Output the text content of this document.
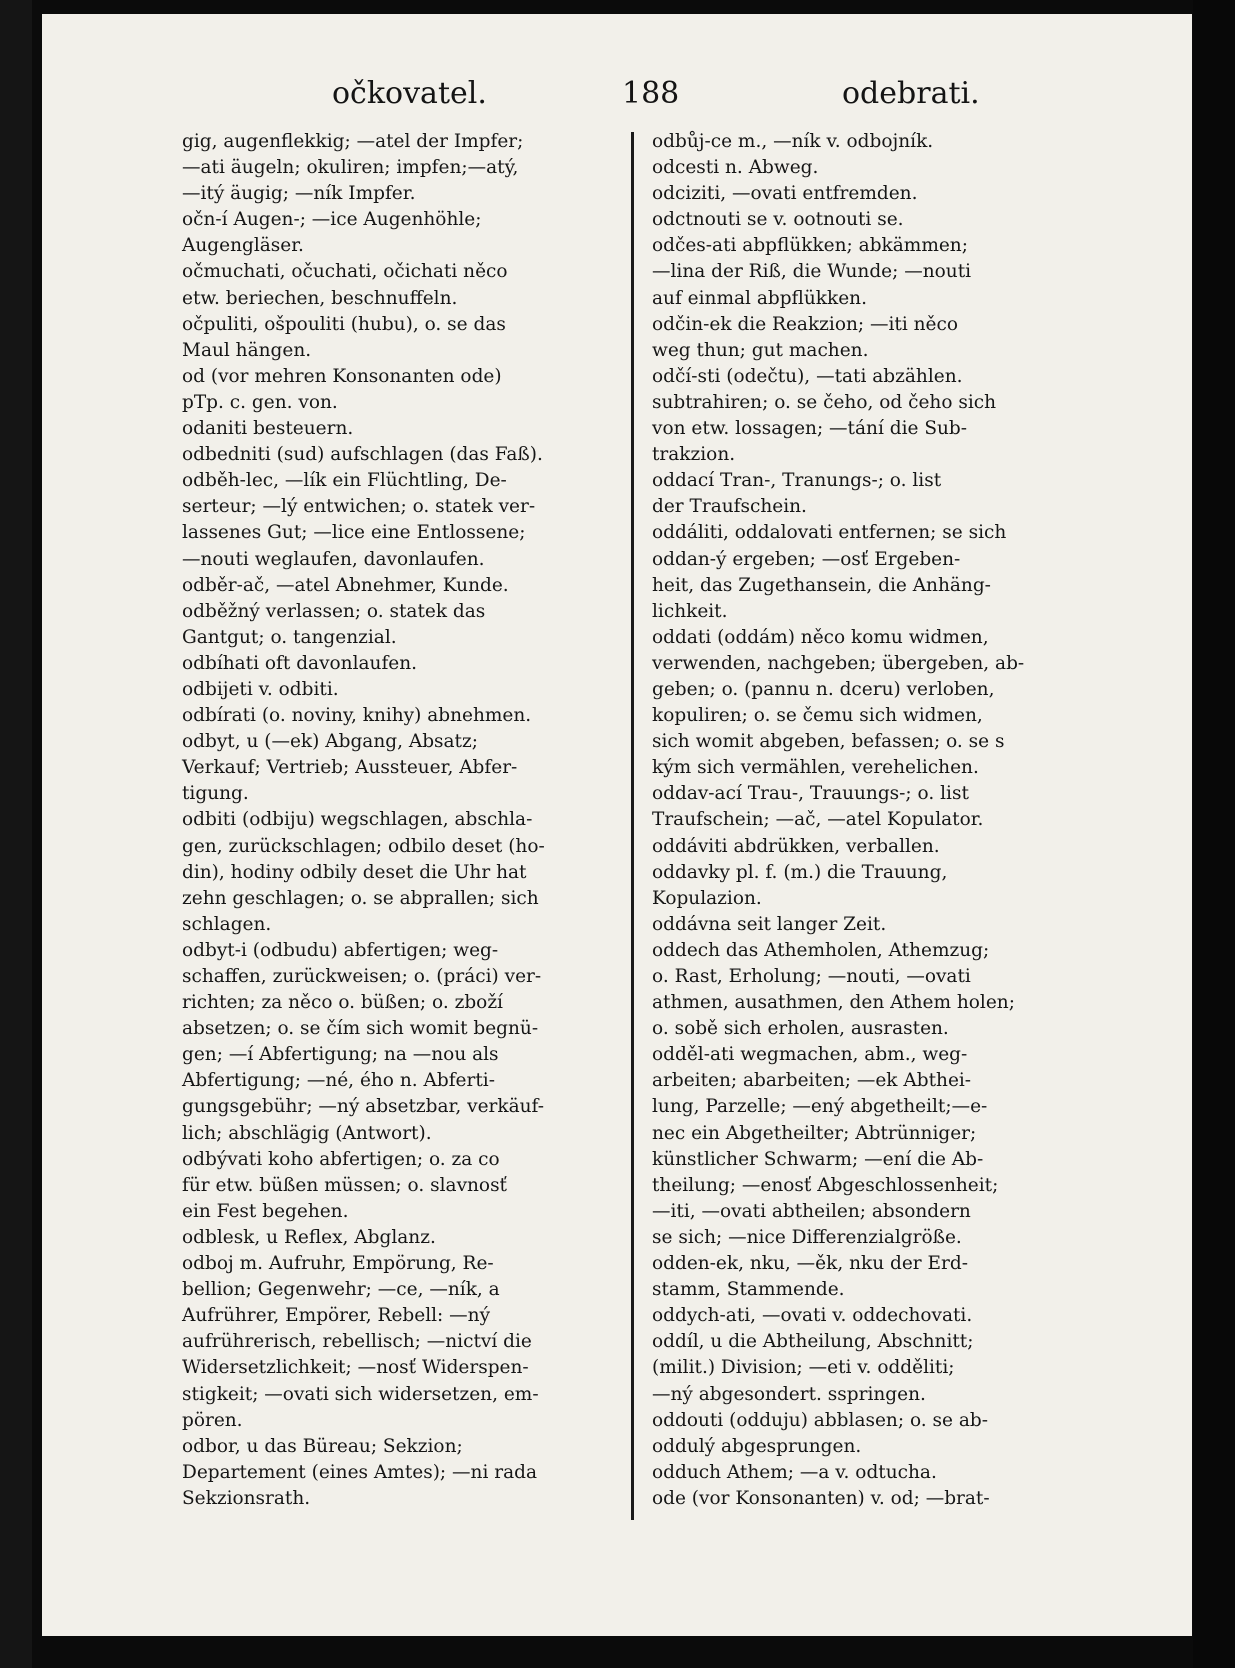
očkovatel.	188	odebrati.
gig, augenflekkig; —atel der Impfer;
—ati äugeln; okuliren; impfen;—atý,
—itý äugig; —ník Impfer.
očn-í Augen-; —ice Augenhöhle;
Augengläser.
očmuchati, očuchati, očichati něco
etw. beriechen, beschnuffeln.
očpuliti, ošpouliti (hubu), o. se das
Maul hängen.
od (vor mehren Konsonanten ode)
pTp. c. gen. von.
odaniti besteuern.
odbedniti (sud) aufschlagen (das Faß).
odběh-lec, —lík ein Flüchtling, De-
serteur; —lý entwichen; o. statek ver-
lassenes Gut; —lice eine Entlossene;
—nouti weglaufen, davonlaufen.
odběr-ač, —atel Abnehmer, Kunde.
odběžný verlassen; o. statek das
Gantgut; o. tangenzial.
odbíhati oft davonlaufen.
odbijeti v. odbiti.
odbírati (o. noviny, knihy) abnehmen.
odbyt, u (—ek) Abgang, Absatz;
Verkauf; Vertrieb; Aussteuer, Abfer-
tigung.
odbiti (odbiju) wegschlagen, abschla-
gen, zurückschlagen; odbilo deset (ho-
din), hodiny odbily deset die Uhr hat
zehn geschlagen; o. se abprallen; sich
schlagen.
odbyt-i (odbudu) abfertigen; weg-
schaffen, zurückweisen; o. (práci) ver-
richten; za něco o. büßen; o. zboží
absetzen; o. se čím sich womit begnü-
gen; —í Abfertigung; na —nou als
Abfertigung; —né, ého n. Abferti-
gungsgebühr; —ný absetzbar, verkäuf-
lich; abschlägig (Antwort).
odbývati koho abfertigen; o. za co
für etw. büßen müssen; o. slavnosť
ein Fest begehen.
odblesk, u Reflex, Abglanz.
odboj m. Aufruhr, Empörung, Re-
bellion; Gegenwehr; —ce, —ník, a
Aufrührer, Empörer, Rebell: —ný
aufrührerisch, rebellisch; —nictví die
Widersetzlichkeit; —nosť Widerspen-
stigkeit; —ovati sich widersetzen, em-
pören.
odbor, u das Büreau; Sekzion;
Departement (eines Amtes); —ni rada
Sekzionsrath.
odbůj-ce m., —ník v. odbojník.
odcesti n. Abweg.
odciziti, —ovati entfremden.
odctnouti se v. ootnouti se.
odčes-ati abpflükken; abkämmen;
—lina der Riß, die Wunde; —nouti
auf einmal abpflükken.
odčin-ek die Reakzion; —iti něco
weg thun; gut machen.
odčí-sti (odečtu), —tati abzählen.
subtrahiren; o. se čeho, od čeho sich
von etw. lossagen; —tání die Sub-
trakzion.
oddací Tran-, Tranungs-; o. list
der Traufschein.
oddáliti, oddalovati entfernen; se sich
oddan-ý ergeben; —osť Ergeben-
heit, das Zugethansein, die Anhäng-
lichkeit.
oddati (oddám) něco komu widmen,
verwenden, nachgeben; übergeben, ab-
geben; o. (pannu n. dceru) verloben,
kopuliren; o. se čemu sich widmen,
sich womit abgeben, befassen; o. se s
kým sich vermählen, verehelichen.
oddav-ací Trau-, Trauungs-; o. list
Traufschein; —ač, —atel Kopulator.
oddáviti abdrükken, verballen.
oddavky pl. f. (m.) die Trauung,
Kopulazion.
oddávna seit langer Zeit.
oddech das Athemholen, Athemzug;
o. Rast, Erholung; —nouti, —ovati
athmen, ausathmen, den Athem holen;
o. sobě sich erholen, ausrasten.
odděl-ati wegmachen, abm., weg-
arbeiten; abarbeiten; —ek Abthei-
lung, Parzelle; —ený abgetheilt;—e-
nec ein Abgetheilter; Abtrünniger;
künstlicher Schwarm; —ení die Ab-
theilung; —enosť Abgeschlossenheit;
—iti, —ovati abtheilen; absondern
se sich; —nice Differenzialgröße.
odden-ek, nku, —ěk, nku der Erd-
stamm, Stammende.
oddych-ati, —ovati v. oddechovati.
oddíl, u die Abtheilung, Abschnitt;
(milit.) Division; —eti v. odděliti;
—ný abgesondert. sspringen.
oddouti (odduju) abblasen; o. se ab-
oddulý abgesprungen.
odduch Athem; —a v. odtucha.
ode (vor Konsonanten) v. od; —brat-
